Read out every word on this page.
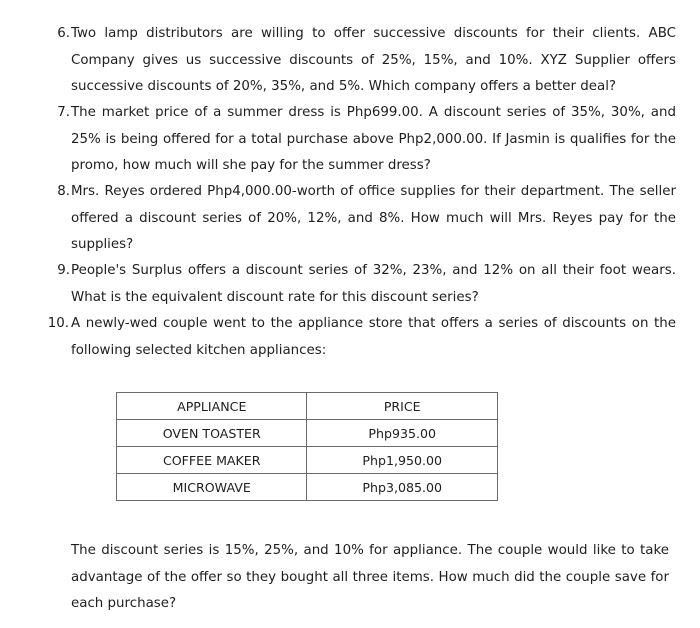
6. Two lamp distributors are willing to offer successive discounts for their clients. ABC Company gives us successive discounts of 25%, 15%, and 10%. XYZ Supplier offers successive discounts of 20%, 35%, and 5%. Which company offers a better deal?
7. The market price of a summer dress is Php699.00. A discount series of 35%, 30%, and 25% is being offered for a total purchase above Php2,000.00. If Jasmin is qualifies for the promo, how much will she pay for the summer dress?
8. Mrs. Reyes ordered Php4,000.00-worth of office supplies for their department. The seller offered a discount series of 20%, 12%, and 8%. How much will Mrs. Reyes pay for the supplies?
9. People's Surplus offers a discount series of 32%, 23%, and 12% on all their foot wears. What is the equivalent discount rate for this discount series?
10. A newly-wed couple went to the appliance store that offers a series of discounts on the following selected kitchen appliances:
APPLIANCE	PRICE
OVEN TOASTER	Php935.00
COFFEE MAKER	Php1,950.00
MICROWAVE	Php3,085.00
The discount series is 15%, 25%, and 10% for appliance. The couple would like to take advantage of the offer so they bought all three items. How much did the couple save for each purchase?
